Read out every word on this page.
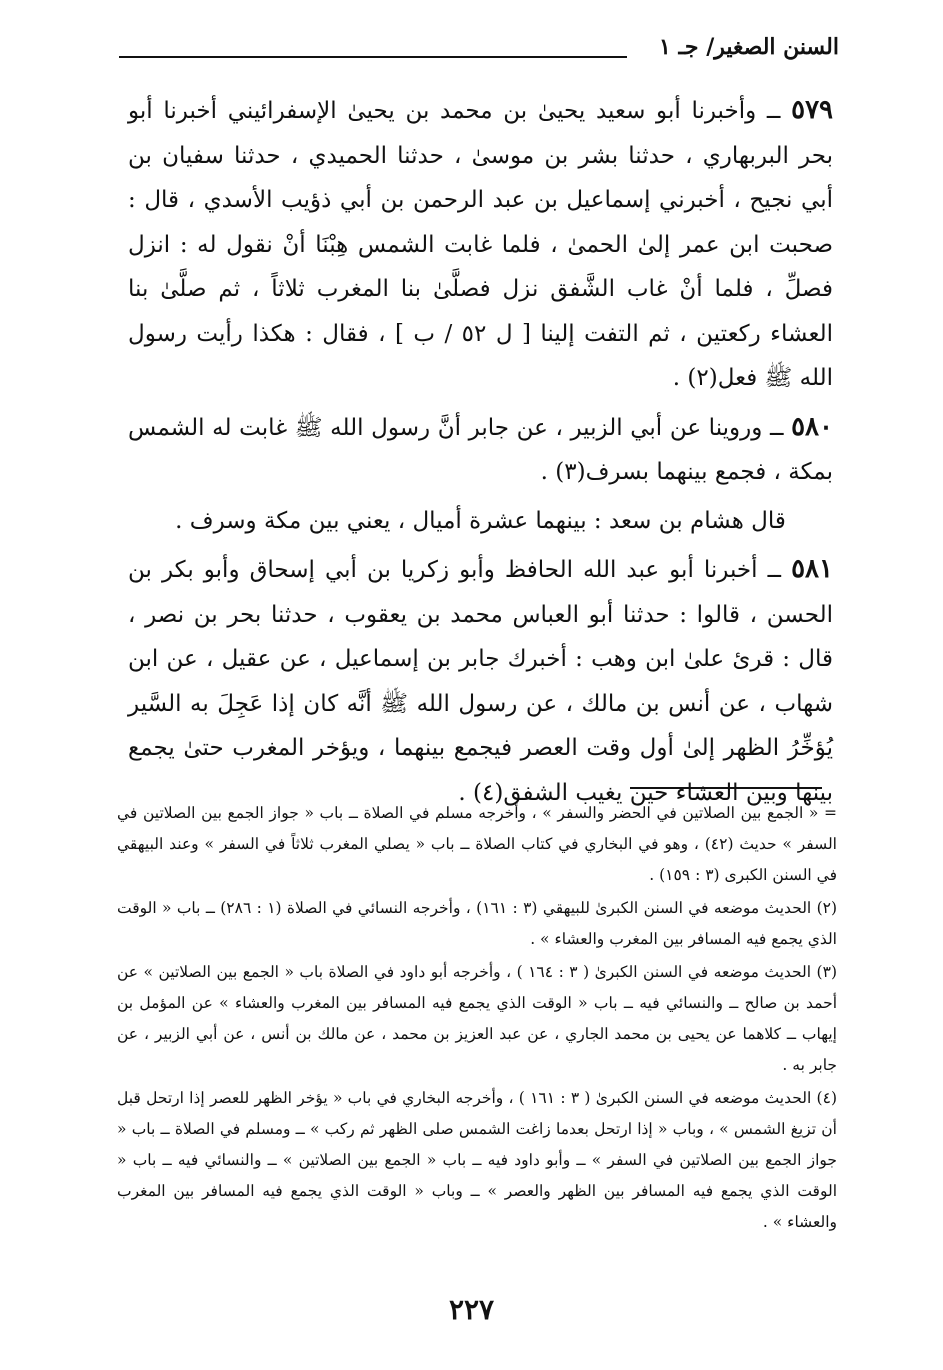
السنن الصغير/ جـ ١

٥٧٩ ــ وأخبرنا أبو سعيد يحيىٰ بن محمد بن يحيىٰ الإسفرائيني أخبرنا أبو بحر البربهاري ، حدثنا بشر بن موسىٰ ، حدثنا الحميدي ، حدثنا سفيان بن أبي نجيح ، أخبرني إسماعيل بن عبد الرحمن بن أبي ذؤيب الأسدي ، قال : صحبت ابن عمر إلىٰ الحمىٰ ، فلما غابت الشمس هِبْنَا أنْ نقول له : انزل فصلِّ ، فلما أنْ غاب الشَّفق نزل فصلَّىٰ بنا المغرب ثلاثاً ، ثم صلَّىٰ بنا العشاء ركعتين ، ثم التفت إلينا [ ل ٥٢ / ب ] ، فقال : هكذا رأيت رسول الله ﷺ فعل(٢) .

٥٨٠ ــ وروينا عن أبي الزبير ، عن جابر أنَّ رسول الله ﷺ غابت له الشمس بمكة ، فجمع بينهما بسرف(٣) .

قال هشام بن سعد : بينهما عشرة أميال ، يعني بين مكة وسرف .

٥٨١ ــ أخبرنا أبو عبد الله الحافظ وأبو زكريا بن أبي إسحاق وأبو بكر بن الحسن ، قالوا : حدثنا أبو العباس محمد بن يعقوب ، حدثنا بحر بن نصر ، قال : قرئ علىٰ ابن وهب : أخبرك جابر بن إسماعيل ، عن عقيل ، عن ابن شهاب ، عن أنس بن مالك ، عن رسول الله ﷺ أنَّه كان إذا عَجِلَ به السَّير يُؤخِّرُ الظهر إلىٰ أول وقت العصر فيجمع بينهما ، ويؤخر المغرب حتىٰ يجمع بينها وبين العشاء حين يغيب الشفق(٤) .

= « الجمع بين الصلاتين في الحضر والسفر » ، وأخرجه مسلم في الصلاة ــ باب « جواز الجمع بين الصلاتين في السفر » حديث (٤٢) ، وهو في البخاري في كتاب الصلاة ــ باب « يصلي المغرب ثلاثاً في السفر » وعند البيهقي في السنن الكبرى (٣ : ١٥٩) .

(٢) الحديث موضعه في السنن الكبرىٰ للبيهقي (٣ : ١٦١) ، وأخرجه النسائي في الصلاة (١ : ٢٨٦) ــ باب « الوقت الذي يجمع فيه المسافر بين المغرب والعشاء » .

(٣) الحديث موضعه في السنن الكبرىٰ ( ٣ : ١٦٤ ) ، وأخرجه أبو داود في الصلاة باب « الجمع بين الصلاتين » عن أحمد بن صالح ــ والنسائي فيه ــ باب « الوقت الذي يجمع فيه المسافر بين المغرب والعشاء » عن المؤمل بن إيهاب ــ كلاهما عن يحيى بن محمد الجاري ، عن عبد العزيز بن محمد ، عن مالك بن أنس ، عن أبي الزبير ، عن جابر به .

(٤) الحديث موضعه في السنن الكبرىٰ ( ٣ : ١٦١ ) ، وأخرجه البخاري في باب « يؤخر الظهر للعصر إذا ارتحل قبل أن تزيغ الشمس » ، وباب « إذا ارتحل بعدما زاغت الشمس صلى الظهر ثم ركب » ــ ومسلم في الصلاة ــ باب « جواز الجمع بين الصلاتين في السفر » ــ وأبو داود فيه ــ باب « الجمع بين الصلاتين » ــ والنسائي فيه ــ باب « الوقت الذي يجمع فيه المسافر بين الظهر والعصر » ــ وباب « الوقت الذي يجمع فيه المسافر بين المغرب والعشاء » .

٢٢٧
